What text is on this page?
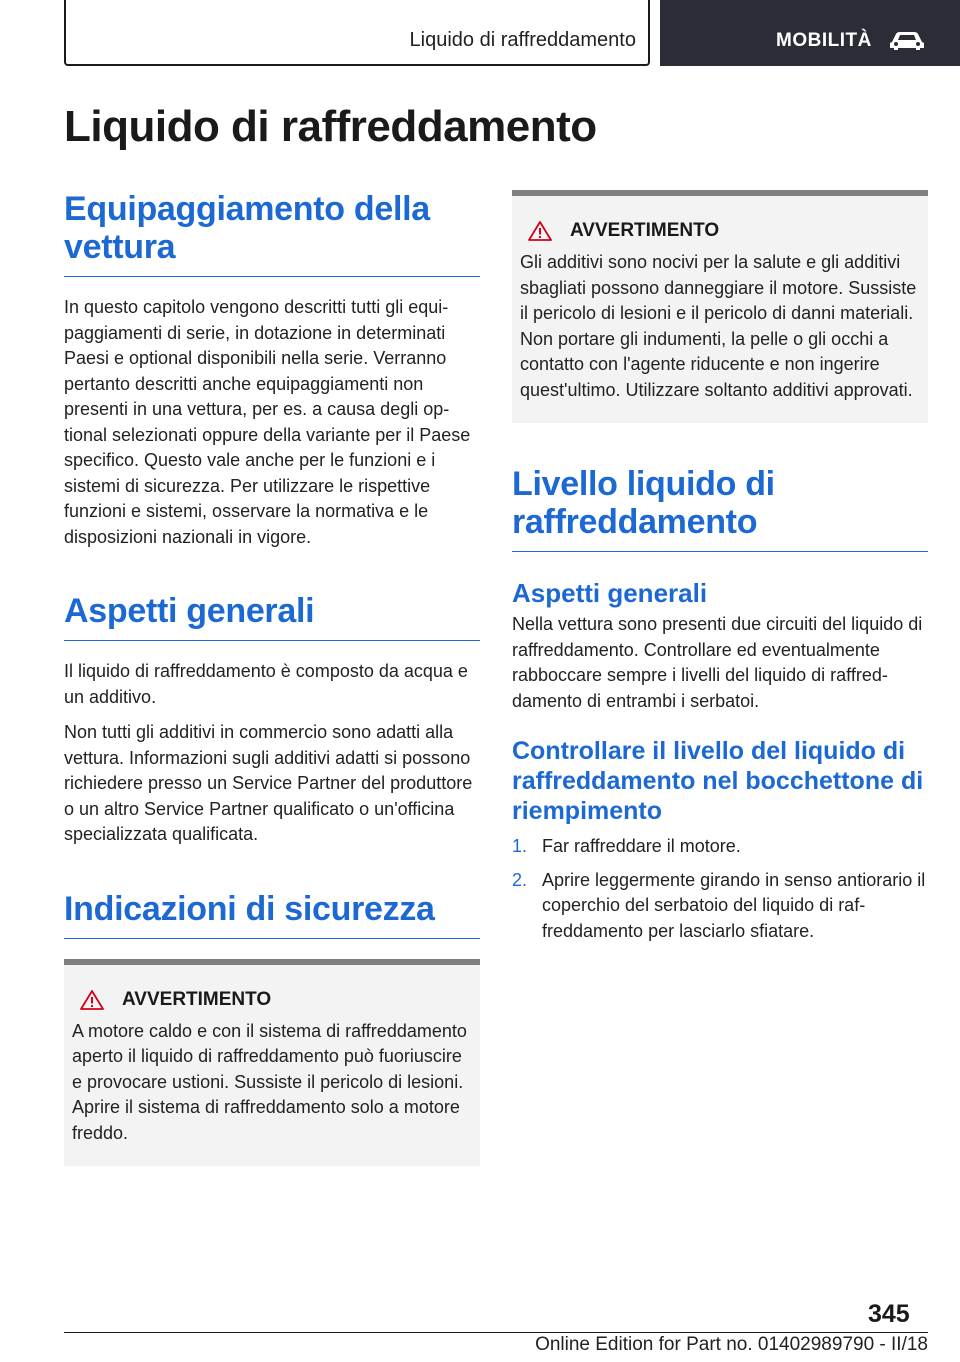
Liquido di raffreddamento	MOBILITÀ
Liquido di raffreddamento
Equipaggiamento della vettura

In questo capitolo vengono descritti tutti gli equipaggiamenti di serie, in dotazione in determinati Paesi e optional disponibili nella serie. Verranno pertanto descritti anche equipaggiamenti non presenti in una vettura, per es. a causa degli optional selezionati oppure della variante per il Paese specifico. Questo vale anche per le funzioni e i sistemi di sicurezza. Per utilizzare le rispettive funzioni e sistemi, osservare la normativa e le disposizioni nazionali in vigore.

Aspetti generali

Il liquido di raffreddamento è composto da acqua e un additivo.

Non tutti gli additivi in commercio sono adatti alla vettura. Informazioni sugli additivi adatti si possono richiedere presso un Service Partner del produttore o un altro Service Partner qualificato o un'officina specializzata qualificata.

Indicazioni di sicurezza
AVVERTIMENTO

A motore caldo e con il sistema di raffreddamento aperto il liquido di raffreddamento può fuoriuscire e provocare ustioni. Sussiste il pericolo di lesioni. Aprire il sistema di raffreddamento solo a motore freddo.

AVVERTIMENTO

Gli additivi sono nocivi per la salute e gli additivi sbagliati possono danneggiare il motore. Sussiste il pericolo di lesioni e il pericolo di danni materiali. Non portare gli indumenti, la pelle o gli occhi a contatto con l'agente riducente e non ingerire quest'ultimo. Utilizzare soltanto additivi approvati.

Livello liquido di raffreddamento
Aspetti generali

Nella vettura sono presenti due circuiti del liquido di raffreddamento. Controllare ed eventualmente rabboccare sempre i livelli del liquido di raffreddamento di entrambi i serbatoi.

Controllare il livello del liquido di raffreddamento nel bocchettone di riempimento
1. Far raffreddare il motore.
2. Aprire leggermente girando in senso antiorario il coperchio del serbatoio del liquido di raffreddamento per lasciarlo sfiatare.
345
Online Edition for Part no. 01402989790 - II/18
